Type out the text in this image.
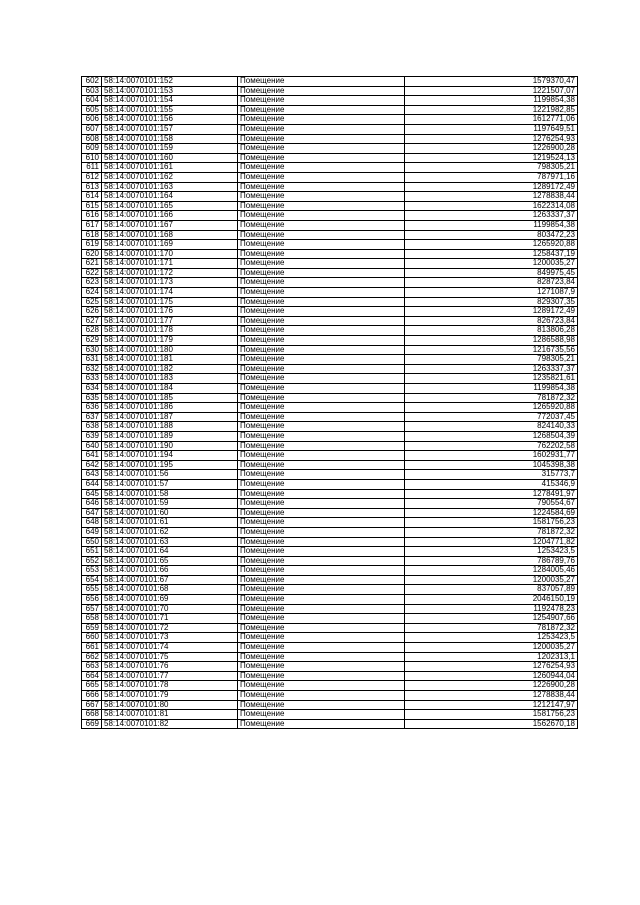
602	58:14:0070101:152	Помещение	1579370,47
603	58:14:0070101:153	Помещение	1221507,07
604	58:14:0070101:154	Помещение	1199854,38
605	58:14:0070101:155	Помещение	1221982,85
606	58:14:0070101:156	Помещение	1612771,06
607	58:14:0070101:157	Помещение	1197649,51
608	58:14:0070101:158	Помещение	1276254,93
609	58:14:0070101:159	Помещение	1226900,28
610	58:14:0070101:160	Помещение	1219524,13
611	58:14:0070101:161	Помещение	798305,21
612	58:14:0070101:162	Помещение	787971,16
613	58:14:0070101:163	Помещение	1289172,49
614	58:14:0070101:164	Помещение	1278838,44
615	58:14:0070101:165	Помещение	1622314,08
616	58:14:0070101:166	Помещение	1263337,37
617	58:14:0070101:167	Помещение	1199854,38
618	58:14:0070101:168	Помещение	803472,23
619	58:14:0070101:169	Помещение	1265920,88
620	58:14:0070101:170	Помещение	1258437,19
621	58:14:0070101:171	Помещение	1200035,27
622	58:14:0070101:172	Помещение	849975,45
623	58:14:0070101:173	Помещение	828723,84
624	58:14:0070101:174	Помещение	1271087,9
625	58:14:0070101:175	Помещение	829307,35
626	58:14:0070101:176	Помещение	1289172,49
627	58:14:0070101:177	Помещение	826723,84
628	58:14:0070101:178	Помещение	813806,28
629	58:14:0070101:179	Помещение	1286588,98
630	58:14:0070101:180	Помещение	1216735,56
631	58:14:0070101:181	Помещение	798305,21
632	58:14:0070101:182	Помещение	1263337,37
633	58:14:0070101:183	Помещение	1235821,61
634	58:14:0070101:184	Помещение	1199854,38
635	58:14:0070101:185	Помещение	781872,32
636	58:14:0070101:186	Помещение	1265920,88
637	58:14:0070101:187	Помещение	772037,45
638	58:14:0070101:188	Помещение	824140,33
639	58:14:0070101:189	Помещение	1268504,39
640	58:14:0070101:190	Помещение	762202,58
641	58:14:0070101:194	Помещение	1602931,77
642	58:14:0070101:195	Помещение	1045398,38
643	58:14:0070101:56	Помещение	315773,7
644	58:14:0070101:57	Помещение	415346,9
645	58:14:0070101:58	Помещение	1278491,97
646	58:14:0070101:59	Помещение	790554,67
647	58:14:0070101:60	Помещение	1224584,69
648	58:14:0070101:61	Помещение	1581756,23
649	58:14:0070101:62	Помещение	781872,32
650	58:14:0070101:63	Помещение	1204771,82
651	58:14:0070101:64	Помещение	1253423,5
652	58:14:0070101:65	Помещение	786789,76
653	58:14:0070101:66	Помещение	1284005,46
654	58:14:0070101:67	Помещение	1200035,27
655	58:14:0070101:68	Помещение	837057,89
656	58:14:0070101:69	Помещение	2046150,19
657	58:14:0070101:70	Помещение	1192478,23
658	58:14:0070101:71	Помещение	1254907,66
659	58:14:0070101:72	Помещение	781872,32
660	58:14:0070101:73	Помещение	1253423,5
661	58:14:0070101:74	Помещение	1200035,27
662	58:14:0070101:75	Помещение	1202313,1
663	58:14:0070101:76	Помещение	1276254,93
664	58:14:0070101:77	Помещение	1260944,04
665	58:14:0070101:78	Помещение	1226900,28
666	58:14:0070101:79	Помещение	1278838,44
667	58:14:0070101:80	Помещение	1212147,97
668	58:14:0070101:81	Помещение	1581756,23
669	58:14:0070101:82	Помещение	1562670,18
